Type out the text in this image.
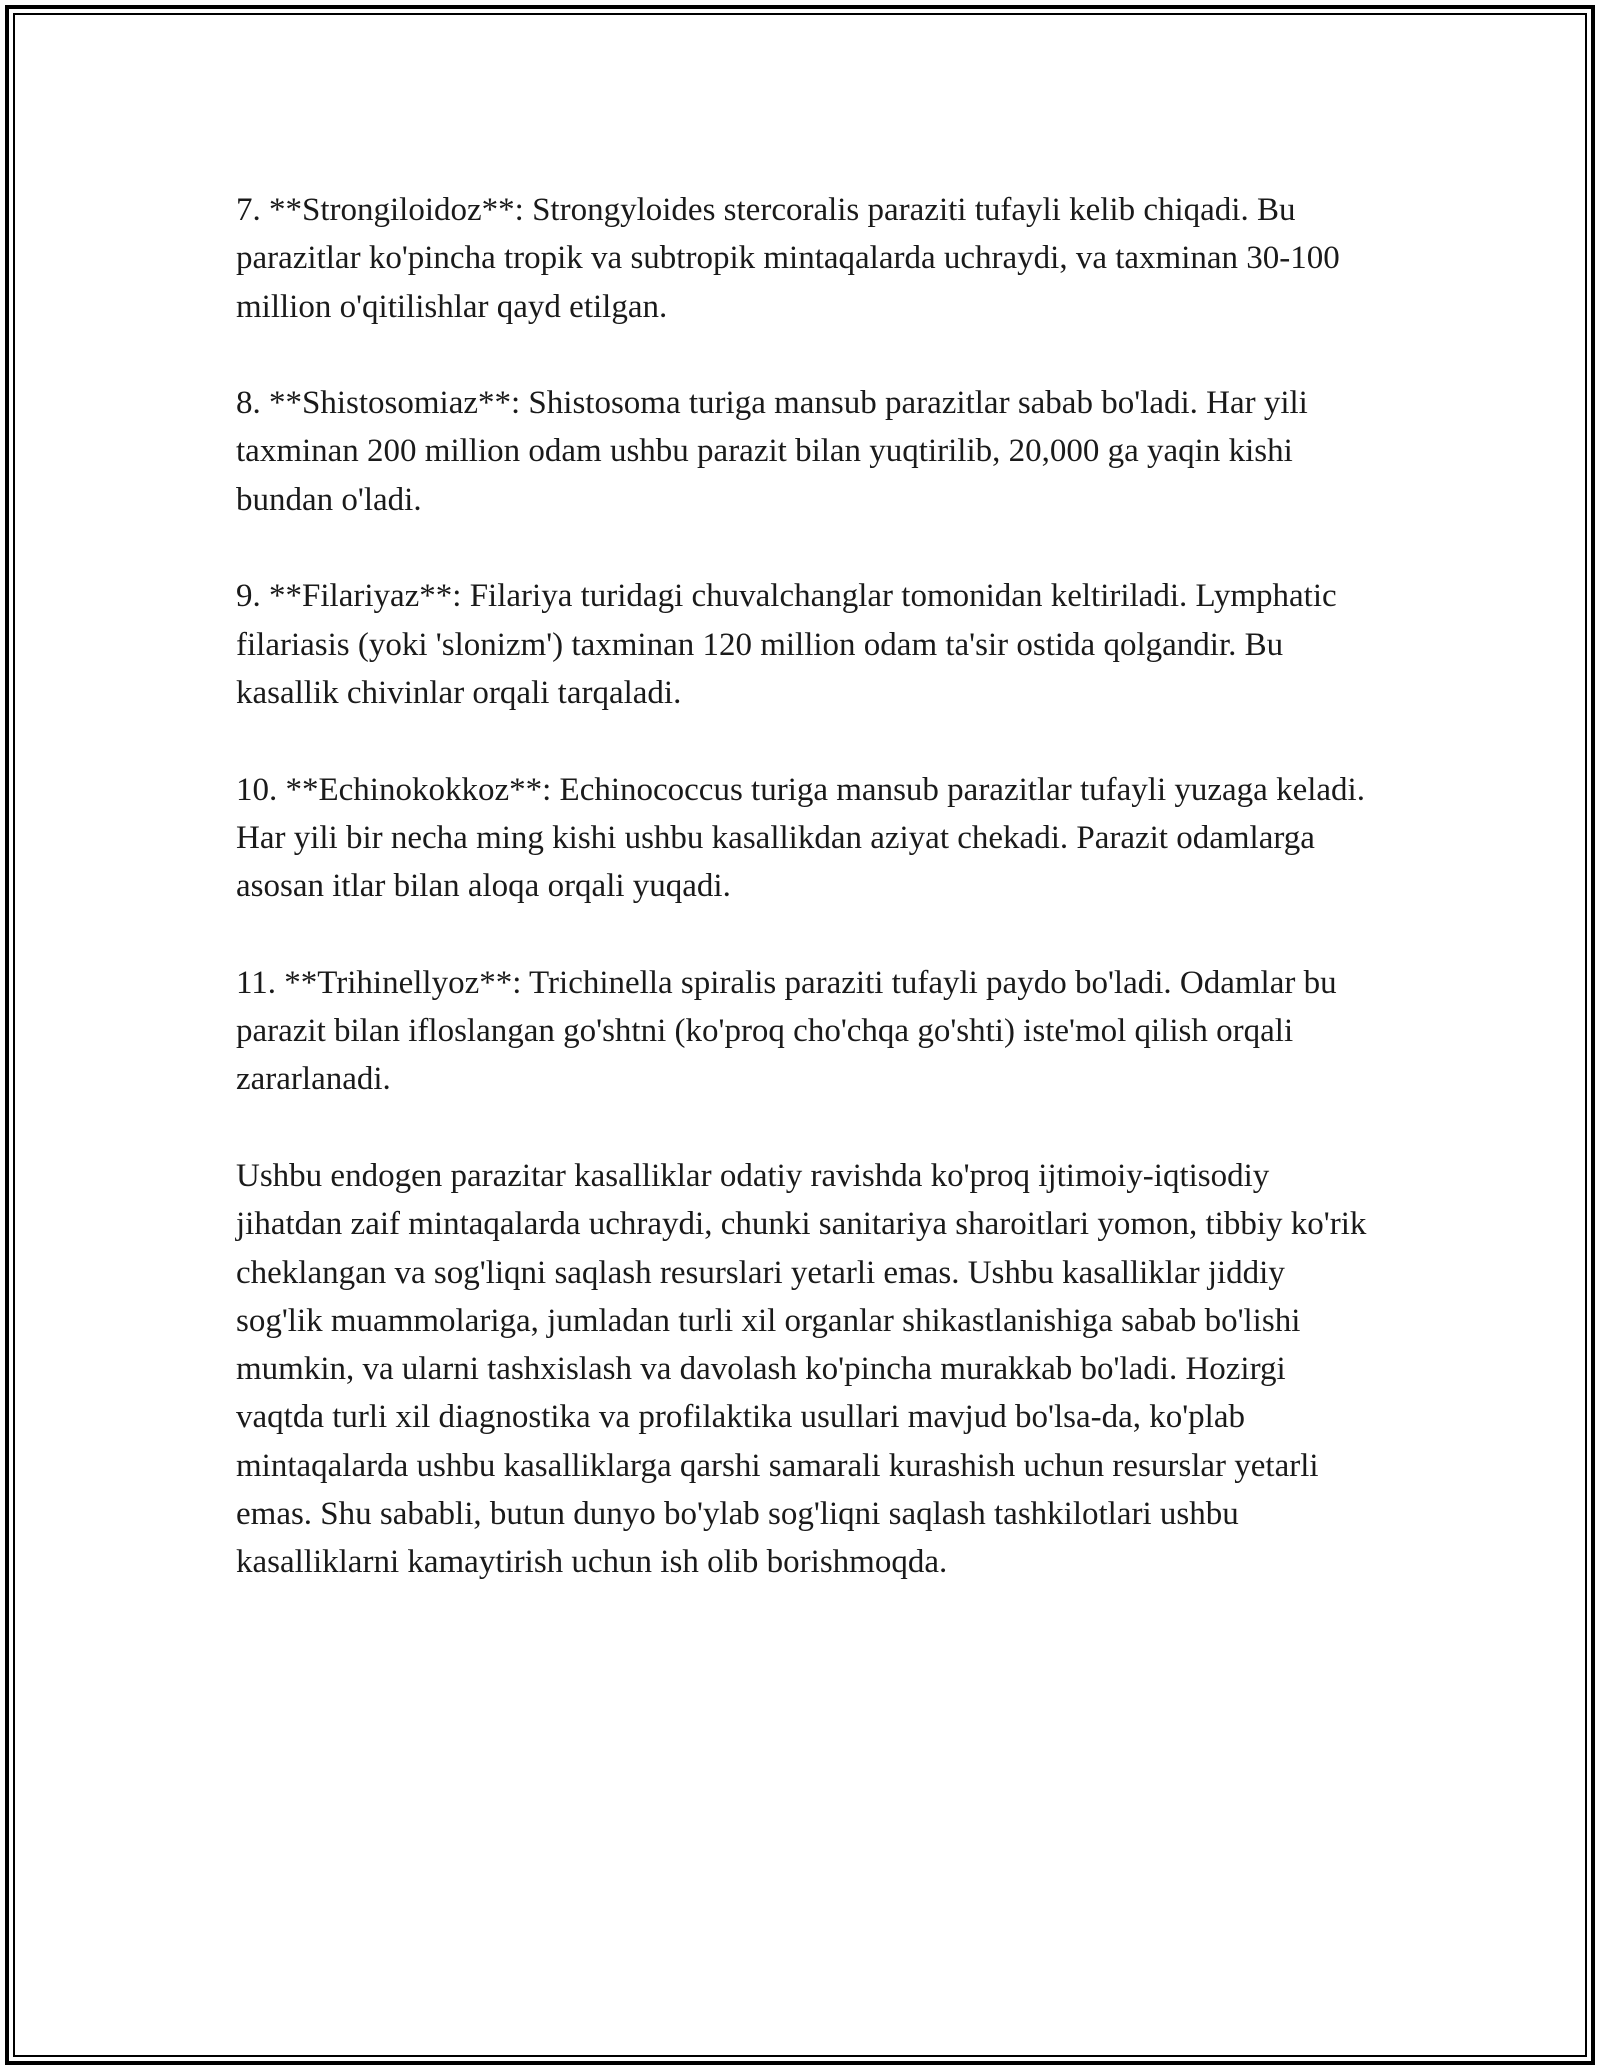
7. **Strongiloidoz**: Strongyloides stercoralis paraziti tufayli kelib chiqadi. Bu parazitlar ko'pincha tropik va subtropik mintaqalarda uchraydi, va taxminan 30-100 million o'qitilishlar qayd etilgan.

8. **Shistosomiaz**: Shistosoma turiga mansub parazitlar sabab bo'ladi. Har yili taxminan 200 million odam ushbu parazit bilan yuqtirilib, 20,000 ga yaqin kishi bundan o'ladi.

9. **Filariyaz**: Filariya turidagi chuvalchanglar tomonidan keltiriladi. Lymphatic filariasis (yoki 'slonizm') taxminan 120 million odam ta'sir ostida qolgandir. Bu kasallik chivinlar orqali tarqaladi.

10. **Echinokokkoz**: Echinococcus turiga mansub parazitlar tufayli yuzaga keladi. Har yili bir necha ming kishi ushbu kasallikdan aziyat chekadi. Parazit odamlarga asosan itlar bilan aloqa orqali yuqadi.

11. **Trihinellyoz**: Trichinella spiralis paraziti tufayli paydo bo'ladi. Odamlar bu parazit bilan ifloslangan go'shtni (ko'proq cho'chqa go'shti) iste'mol qilish orqali zararlanadi.

Ushbu endogen parazitar kasalliklar odatiy ravishda ko'proq ijtimoiy-iqtisodiy jihatdan zaif mintaqalarda uchraydi, chunki sanitariya sharoitlari yomon, tibbiy ko'rik cheklangan va sog'liqni saqlash resurslari yetarli emas. Ushbu kasalliklar jiddiy sog'lik muammolariga, jumladan turli xil organlar shikastlanishiga sabab bo'lishi mumkin, va ularni tashxislash va davolash ko'pincha murakkab bo'ladi. Hozirgi vaqtda turli xil diagnostika va profilaktika usullari mavjud bo'lsa-da, ko'plab mintaqalarda ushbu kasalliklarga qarshi samarali kurashish uchun resurslar yetarli emas. Shu sababli, butun dunyo bo'ylab sog'liqni saqlash tashkilotlari ushbu kasalliklarni kamaytirish uchun ish olib borishmoqda.
